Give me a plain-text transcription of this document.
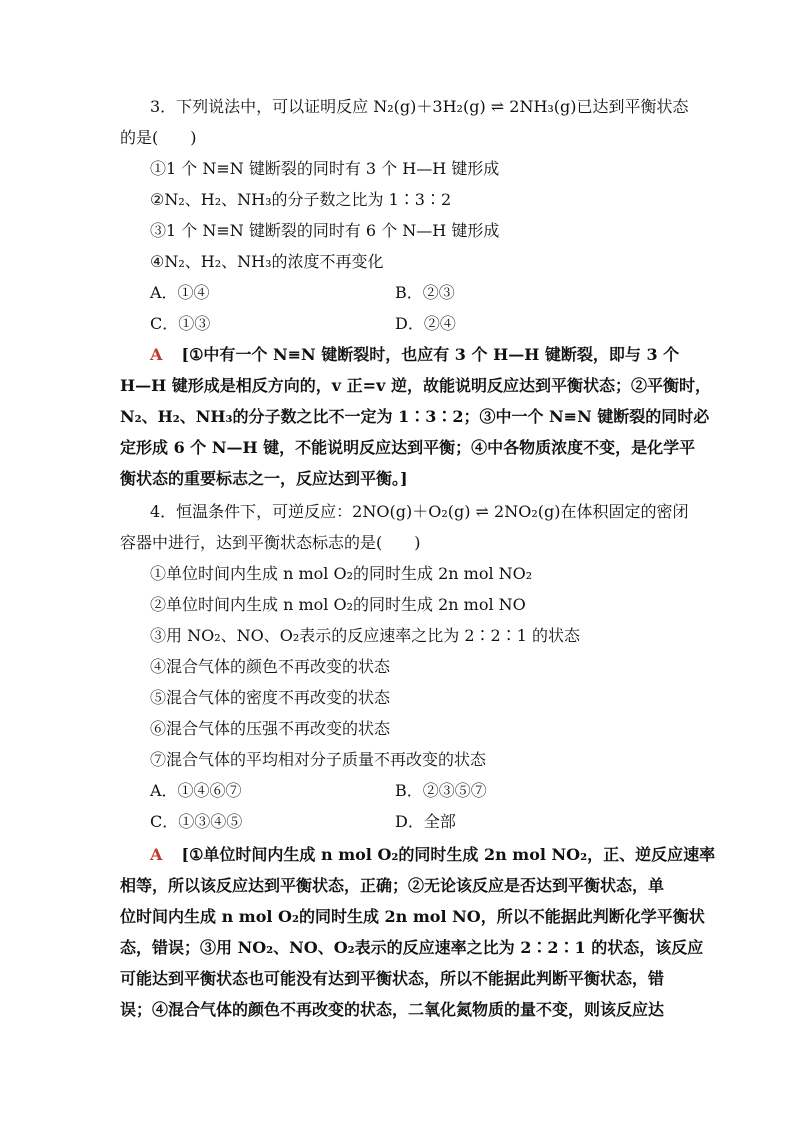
3．下列说法中，可以证明反应 N₂(g)＋3H₂(g) ⇌ 2NH₃(g)已达到平衡状态
的是(　　)
①1 个 N≡N 键断裂的同时有 3 个 H—H 键形成
②N₂、H₂、NH₃的分子数之比为 1∶3∶2
③1 个 N≡N 键断裂的同时有 6 个 N—H 键形成
④N₂、H₂、NH₃的浓度不再变化
A．①④	B．②③
C．①③	D．②④
A [①中有一个 N≡N 键断裂时，也应有 3 个 H—H 键断裂，即与 3 个
H—H 键形成是相反方向的，v 正=v 逆，故能说明反应达到平衡状态；②平衡时，
N₂、H₂、NH₃的分子数之比不一定为 1∶3∶2；③中一个 N≡N 键断裂的同时必
定形成 6 个 N—H 键，不能说明反应达到平衡；④中各物质浓度不变，是化学平
衡状态的重要标志之一，反应达到平衡。]
4．恒温条件下，可逆反应：2NO(g)＋O₂(g) ⇌ 2NO₂(g)在体积固定的密闭
容器中进行，达到平衡状态标志的是(　　)
①单位时间内生成 n mol O₂的同时生成 2n mol NO₂
②单位时间内生成 n mol O₂的同时生成 2n mol NO
③用 NO₂、NO、O₂表示的反应速率之比为 2∶2∶1 的状态
④混合气体的颜色不再改变的状态
⑤混合气体的密度不再改变的状态
⑥混合气体的压强不再改变的状态
⑦混合气体的平均相对分子质量不再改变的状态
A．①④⑥⑦	B．②③⑤⑦
C．①③④⑤	D．全部
A [①单位时间内生成 n mol O₂的同时生成 2n mol NO₂，正、逆反应速率
相等，所以该反应达到平衡状态，正确；②无论该反应是否达到平衡状态，单
位时间内生成 n mol O₂的同时生成 2n mol NO，所以不能据此判断化学平衡状
态，错误；③用 NO₂、NO、O₂表示的反应速率之比为 2∶2∶1 的状态，该反应
可能达到平衡状态也可能没有达到平衡状态，所以不能据此判断平衡状态，错
误；④混合气体的颜色不再改变的状态，二氧化氮物质的量不变，则该反应达
